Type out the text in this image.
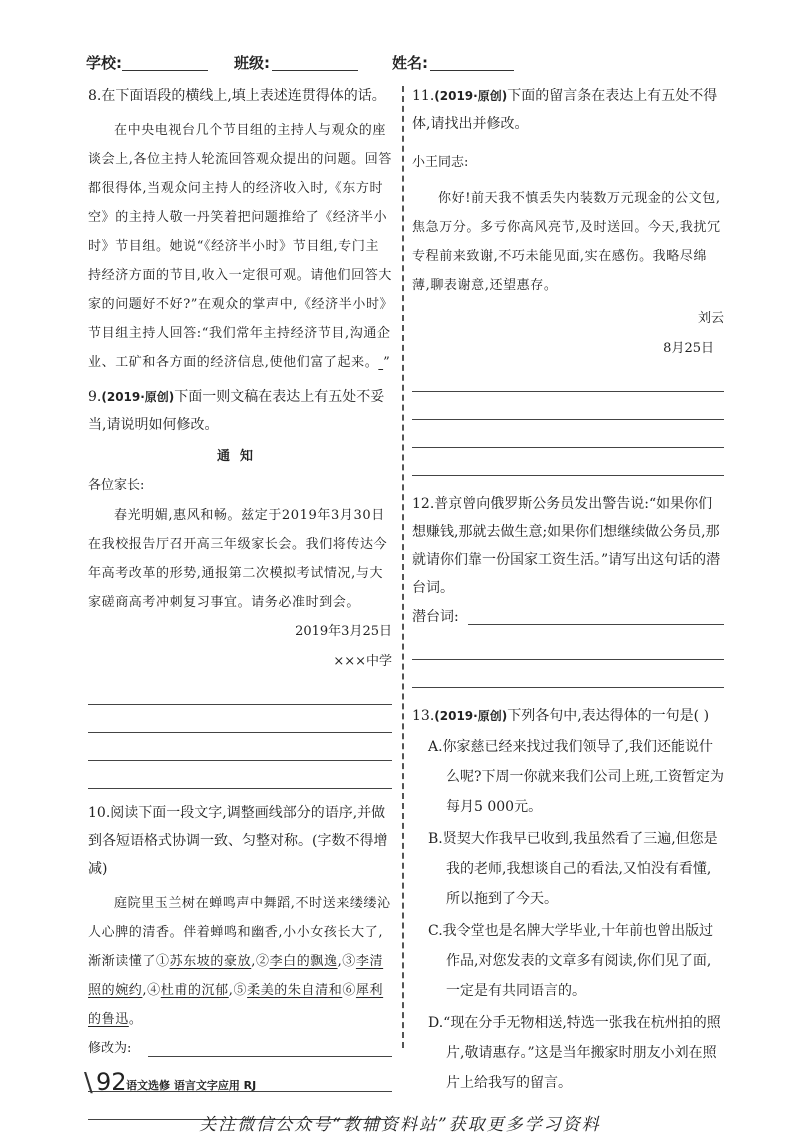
学校:	班级:	姓名:

8.在下面语段的横线上,填上表述连贯得体的话。

在中央电视台几个节目组的主持人与观众的座谈会上,各位主持人轮流回答观众提出的问题。回答都很得体,当观众问主持人的经济收入时,《东方时空》的主持人敬一丹笑着把问题推给了《经济半小时》节目组。她说“《经济半小时》节目组,专门主持经济方面的节目,收入一定很可观。请他们回答大家的问题好不好?”在观众的掌声中,《经济半小时》节目组主持人回答:“我们常年主持经济节目,沟通企业、工矿和各方面的经济信息,使他们富了起来。 ”

9.(2019·原创)下面一则文稿在表达上有五处不妥当,请说明如何修改。

通知

各位家长:

春光明媚,惠风和畅。兹定于2019年3月30日在我校报告厅召开高三年级家长会。我们将传达今年高考改革的形势,通报第二次模拟考试情况,与大家磋商高考冲刺复习事宜。请务必准时到会。

2019年3月25日
×××中学

10.阅读下面一段文字,调整画线部分的语序,并做到各短语格式协调一致、匀整对称。(字数不得增减)

庭院里玉兰树在蝉鸣声中舞蹈,不时送来缕缕沁人心脾的清香。伴着蝉鸣和幽香,小小女孩长大了,渐渐读懂了①苏东坡的豪放,②李白的飘逸,③李清照的婉约,④杜甫的沉郁,⑤柔美的朱自清和⑥犀利的鲁迅。

修改为:

11.(2019·原创)下面的留言条在表达上有五处不得体,请找出并修改。

小王同志:

你好!前天我不慎丢失内装数万元现金的公文包,焦急万分。多亏你高风亮节,及时送回。今天,我扰冗专程前来致谢,不巧未能见面,实在感伤。我略尽绵薄,聊表谢意,还望惠存。

刘云
8月25日

12.普京曾向俄罗斯公务员发出警告说:“如果你们想赚钱,那就去做生意;如果你们想继续做公务员,那就请你们靠一份国家工资生活。”请写出这句话的潜台词。

潜台词:

13.(2019·原创)下列各句中,表达得体的一句是( )

A.你家慈已经来找过我们领导了,我们还能说什么呢?下周一你就来我们公司上班,工资暂定为每月5 000元。

B.贤契大作我早已收到,我虽然看了三遍,但您是我的老师,我想谈自己的看法,又怕没有看懂,所以拖到了今天。

C.我令堂也是名牌大学毕业,十年前也曾出版过作品,对您发表的文章多有阅读,你们见了面,一定是有共同语言的。

D.“现在分手无物相送,特选一张我在杭州拍的照片,敬请惠存。”这是当年搬家时朋友小刘在照片上给我写的留言。

\ 92 语文选修 语言文字应用 RJ
关注微信公众号“教辅资料站”获取更多学习资料
